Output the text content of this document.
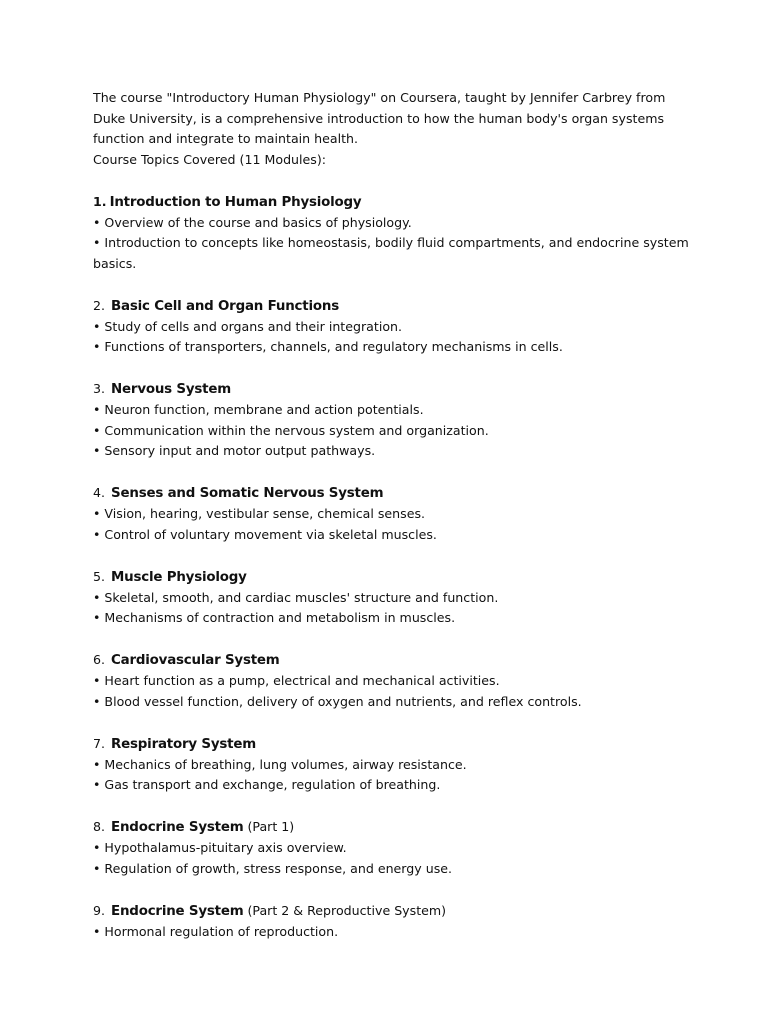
The course "Introductory Human Physiology" on Coursera, taught by Jennifer Carbrey from Duke University, is a comprehensive introduction to how the human body's organ systems function and integrate to maintain health.

Course Topics Covered (11 Modules):

1. Introduction to Human Physiology

• Overview of the course and basics of physiology.

• Introduction to concepts like homeostasis, bodily fluid compartments, and endocrine system basics.

2. Basic Cell and Organ Functions

• Study of cells and organs and their integration.

• Functions of transporters, channels, and regulatory mechanisms in cells.

3. Nervous System

• Neuron function, membrane and action potentials.

• Communication within the nervous system and organization.

• Sensory input and motor output pathways.

4. Senses and Somatic Nervous System

• Vision, hearing, vestibular sense, chemical senses.

• Control of voluntary movement via skeletal muscles.

5. Muscle Physiology

• Skeletal, smooth, and cardiac muscles' structure and function.

• Mechanisms of contraction and metabolism in muscles.

6. Cardiovascular System

• Heart function as a pump, electrical and mechanical activities.

• Blood vessel function, delivery of oxygen and nutrients, and reflex controls.

7. Respiratory System

• Mechanics of breathing, lung volumes, airway resistance.

• Gas transport and exchange, regulation of breathing.

8. Endocrine System (Part 1)

• Hypothalamus-pituitary axis overview.

• Regulation of growth, stress response, and energy use.

9. Endocrine System (Part 2 & Reproductive System)

• Hormonal regulation of reproduction.
